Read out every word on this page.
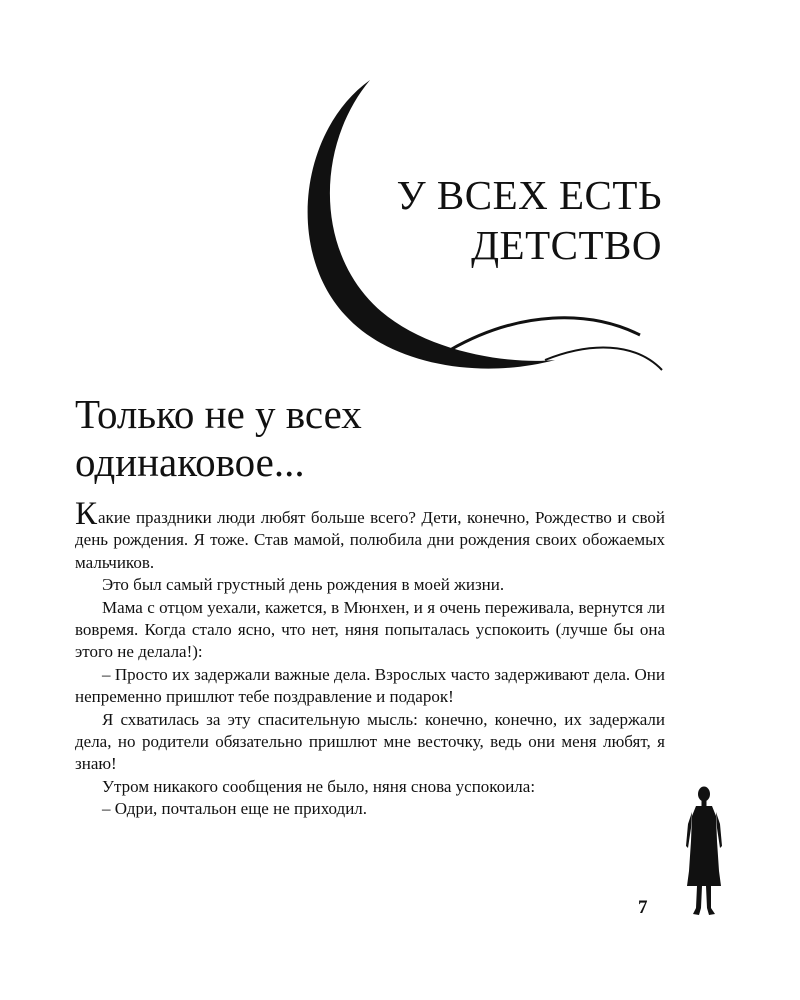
У ВСЕХ ЕСТЬ
ДЕТСТВО
Только не у всех
одинаковое...

Какие праздники люди любят больше всего? Дети, конечно, Рождество и свой день рождения. Я тоже. Став мамой, полюбила дни рождения своих обожаемых мальчиков.

Это был самый грустный день рождения в моей жизни.

Мама с отцом уехали, кажется, в Мюнхен, и я очень переживала, вернутся ли вовремя. Когда стало ясно, что нет, няня попыталась успокоить (лучше бы она этого не делала!):

– Просто их задержали важные дела. Взрослых часто задерживают дела. Они непременно пришлют тебе поздравление и подарок!

Я схватилась за эту спасительную мысль: конечно, конечно, их задержали дела, но родители обязательно пришлют мне весточку, ведь они меня любят, я знаю!

Утром никакого сообщения не было, няня снова успокоила:

– Одри, почтальон еще не приходил.

7
